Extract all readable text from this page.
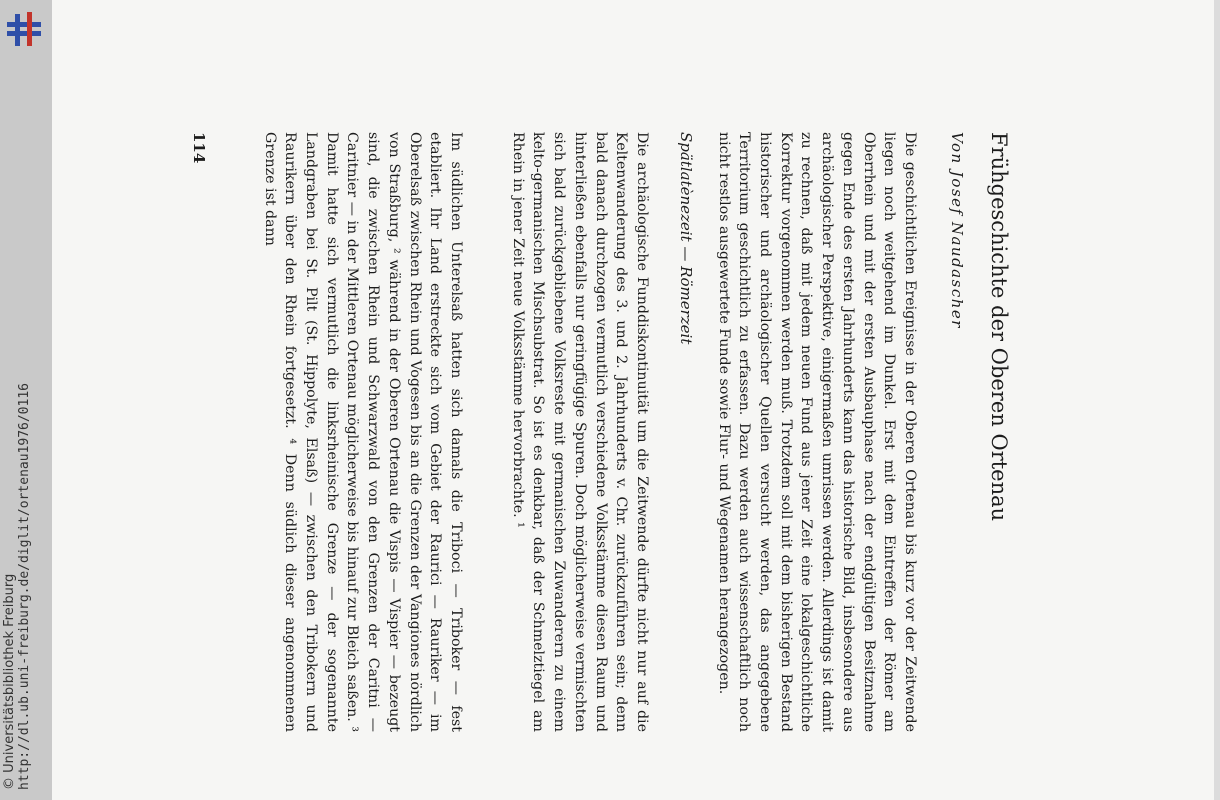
http://dl.ub.uni-freiburg.de/diglit/ortenau1976/0116
© Universitätsbibliothek Freiburg
Frühgeschichte der Oberen Ortenau
Von Josef Naudascher

Die geschichtlichen Ereignisse in der Oberen Ortenau bis kurz vor der Zeitwende liegen noch weitgehend im Dunkel. Erst mit dem Eintreffen der Römer am Oberrhein und mit der ersten Ausbauphase nach der endgültigen Besitznahme gegen Ende des ersten Jahrhunderts kann das historische Bild, insbesondere aus archäologischer Perspektive, einigermaßen umrissen werden. Allerdings ist damit zu rechnen, daß mit jedem neuen Fund aus jener Zeit eine lokalgeschichtliche Korrektur vorgenommen werden muß. Trotzdem soll mit dem bisherigen Bestand historischer und archäologischer Quellen versucht werden, das angegebene Territorium geschichtlich zu erfassen. Dazu werden auch wissenschaftlich noch nicht restlos ausgewertete Funde sowie Flur- und Wegenamen herangezogen.

Spätlatènezeit — Römerzeit

Die archäologische Funddiskontinuität um die Zeitwende dürfte nicht nur auf die Keltenwanderung des 3. und 2. Jahrhunderts v. Chr. zurückzuführen sein; denn bald danach durchzogen vermutlich verschiedene Volksstämme diesen Raum und hinterließen ebenfalls nur geringfügige Spuren. Doch möglicherweise vermischten sich bald zurückgebliebene Volksreste mit germanischen Zuwanderern zu einem kelto-germanischen Mischsubstrat. So ist es denkbar, daß der Schmelztiegel am Rhein in jener Zeit neue Volksstämme hervorbrachte. ¹

Im südlichen Unterelsaß hatten sich damals die Triboci — Triboker — fest etabliert. Ihr Land erstreckte sich vom Gebiet der Raurici — Rauriker — im Oberelsaß zwischen Rhein und Vogesen bis an die Grenzen der Vangiones nördlich von Straßburg, ² während in der Oberen Ortenau die Vispis — Vispier — bezeugt sind, die zwischen Rhein und Schwarzwald von den Grenzen der Caritni — Caritnier — in der Mittleren Ortenau möglicherweise bis hinauf zur Bleich saßen. ³ Damit hatte sich vermutlich die linksrheinische Grenze — der sogenannte Landgraben bei St. Pilt (St. Hippolyte, Elsaß) — zwischen den Tribokern und Raurikern über den Rhein fortgesetzt. ⁴ Denn südlich dieser angenommenen Grenze ist dann

114
